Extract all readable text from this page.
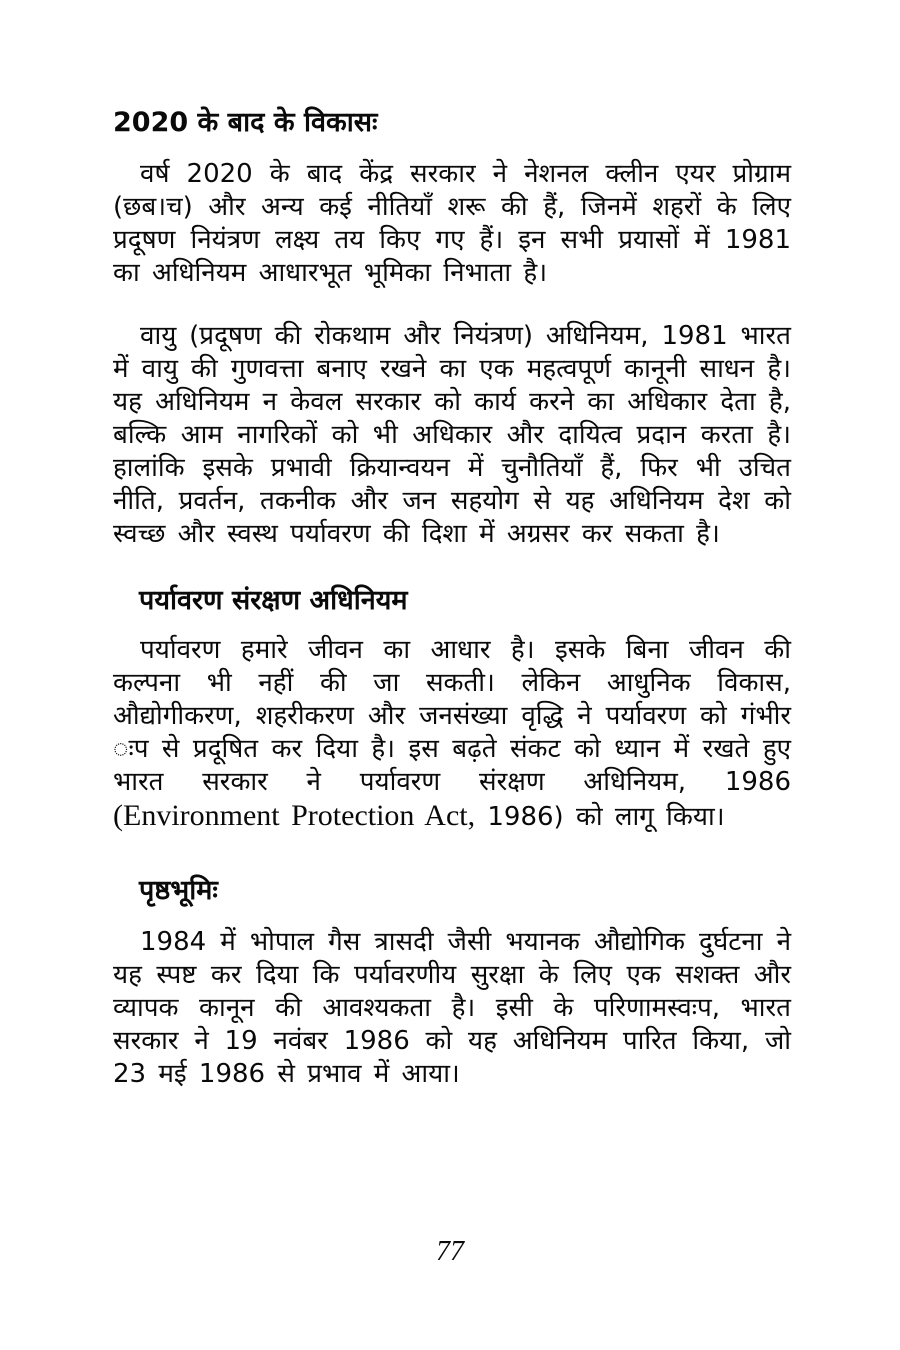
2020 के बाद के विकासः

वर्ष 2020 के बाद केंद्र सरकार ने नेशनल क्लीन एयर प्रोग्राम (छब।च) और अन्य कई नीतियाँ शरू की हैं, जिनमें शहरों के लिए प्रदूषण नियंत्रण लक्ष्य तय किए गए हैं। इन सभी प्रयासों में 1981 का अधिनियम आधारभूत भूमिका निभाता है।

वायु (प्रदूषण की रोकथाम और नियंत्रण) अधिनियम, 1981 भारत में वायु की गुणवत्ता बनाए रखने का एक महत्वपूर्ण कानूनी साधन है। यह अधिनियम न केवल सरकार को कार्य करने का अधिकार देता है, बल्कि आम नागरिकों को भी अधिकार और दायित्व प्रदान करता है। हालांकि इसके प्रभावी क्रियान्वयन में चुनौतियाँ हैं, फिर भी उचित नीति, प्रवर्तन, तकनीक और जन सहयोग से यह अधिनियम देश को स्वच्छ और स्वस्थ पर्यावरण की दिशा में अग्रसर कर सकता है।

पर्यावरण संरक्षण अधिनियम

पर्यावरण हमारे जीवन का आधार है। इसके बिना जीवन की कल्पना भी नहीं की जा सकती। लेकिन आधुनिक विकास, औद्योगीकरण, शहरीकरण और जनसंख्या वृद्धि ने पर्यावरण को गंभीर ःप से प्रदूषित कर दिया है। इस बढ़ते संकट को ध्यान में रखते हुए भारत सरकार ने पर्यावरण संरक्षण अधिनियम, 1986 (Environment Protection Act, 1986) को लागू किया।

पृष्ठभूमिः

1984 में भोपाल गैस त्रासदी जैसी भयानक औद्योगिक दुर्घटना ने यह स्पष्ट कर दिया कि पर्यावरणीय सुरक्षा के लिए एक सशक्त और व्यापक कानून की आवश्यकता है। इसी के परिणामस्वःप, भारत सरकार ने 19 नवंबर 1986 को यह अधिनियम पारित किया, जो 23 मई 1986 से प्रभाव में आया।

77
